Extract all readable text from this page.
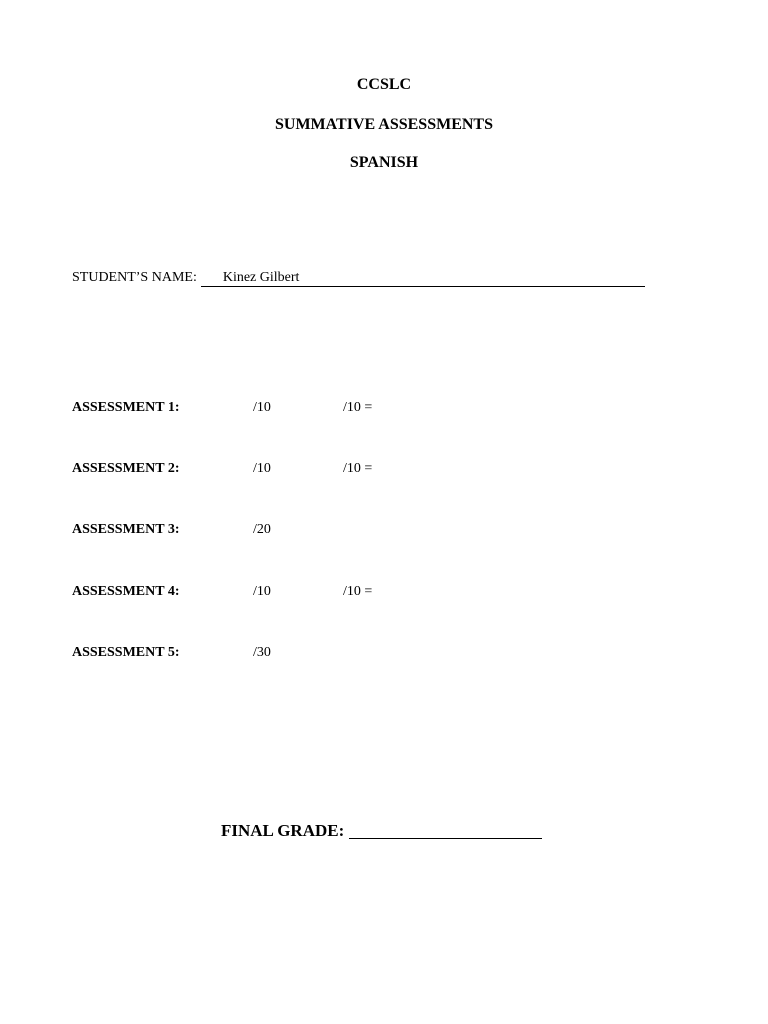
CCSLC
SUMMATIVE ASSESSMENTS
SPANISH
STUDENT’S NAME: Kinez Gilbert
ASSESSMENT 1:	/10	/10 =
ASSESSMENT 2:	/10	/10 =
ASSESSMENT 3:	/20
ASSESSMENT 4:	/10	/10 =
ASSESSMENT 5:	/30
FINAL GRADE:
